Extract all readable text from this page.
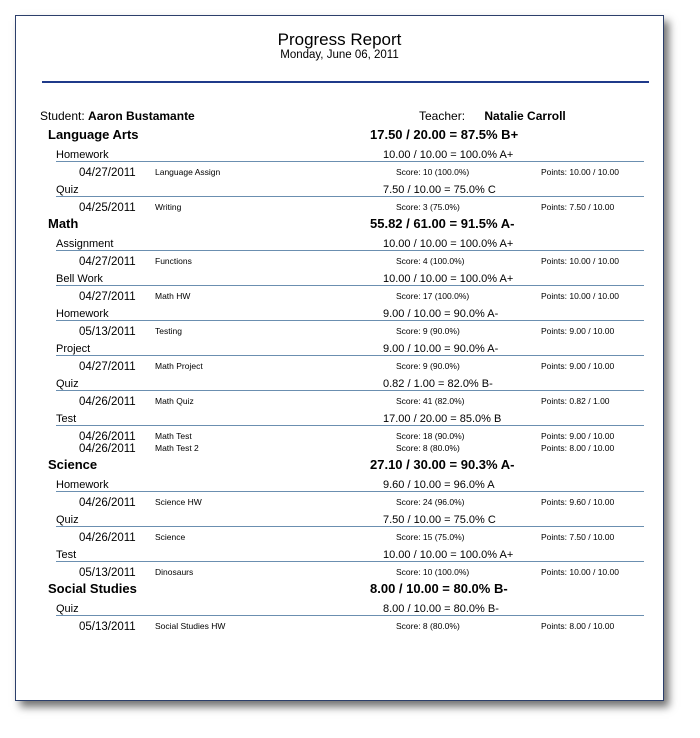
Progress Report
Monday, June 06, 2011
Student: Aaron Bustamante	Teacher: Natalie Carroll
Language Arts	17.50 / 20.00 = 87.5% B+
Homework	10.00 / 10.00 = 100.0% A+
04/27/2011 Language Assign	Score: 10 (100.0%)	Points: 10.00 / 10.00
Quiz	7.50 / 10.00 = 75.0% C
04/25/2011 Writing	Score: 3 (75.0%)	Points: 7.50 / 10.00
Math	55.82 / 61.00 = 91.5% A-
Assignment	10.00 / 10.00 = 100.0% A+
04/27/2011 Functions	Score: 4 (100.0%)	Points: 10.00 / 10.00
Bell Work	10.00 / 10.00 = 100.0% A+
04/27/2011 Math HW	Score: 17 (100.0%)	Points: 10.00 / 10.00
Homework	9.00 / 10.00 = 90.0% A-
05/13/2011 Testing	Score: 9 (90.0%)	Points: 9.00 / 10.00
Project	9.00 / 10.00 = 90.0% A-
04/27/2011 Math Project	Score: 9 (90.0%)	Points: 9.00 / 10.00
Quiz	0.82 / 1.00 = 82.0% B-
04/26/2011 Math Quiz	Score: 41 (82.0%)	Points: 0.82 / 1.00
Test	17.00 / 20.00 = 85.0% B
04/26/2011 Math Test	Score: 18 (90.0%)	Points: 9.00 / 10.00
04/26/2011 Math Test 2	Score: 8 (80.0%)	Points: 8.00 / 10.00
Science	27.10 / 30.00 = 90.3% A-
Homework	9.60 / 10.00 = 96.0% A
04/26/2011 Science HW	Score: 24 (96.0%)	Points: 9.60 / 10.00
Quiz	7.50 / 10.00 = 75.0% C
04/26/2011 Science	Score: 15 (75.0%)	Points: 7.50 / 10.00
Test	10.00 / 10.00 = 100.0% A+
05/13/2011 Dinosaurs	Score: 10 (100.0%)	Points: 10.00 / 10.00
Social Studies	8.00 / 10.00 = 80.0% B-
Quiz	8.00 / 10.00 = 80.0% B-
05/13/2011 Social Studies HW	Score: 8 (80.0%)	Points: 8.00 / 10.00
